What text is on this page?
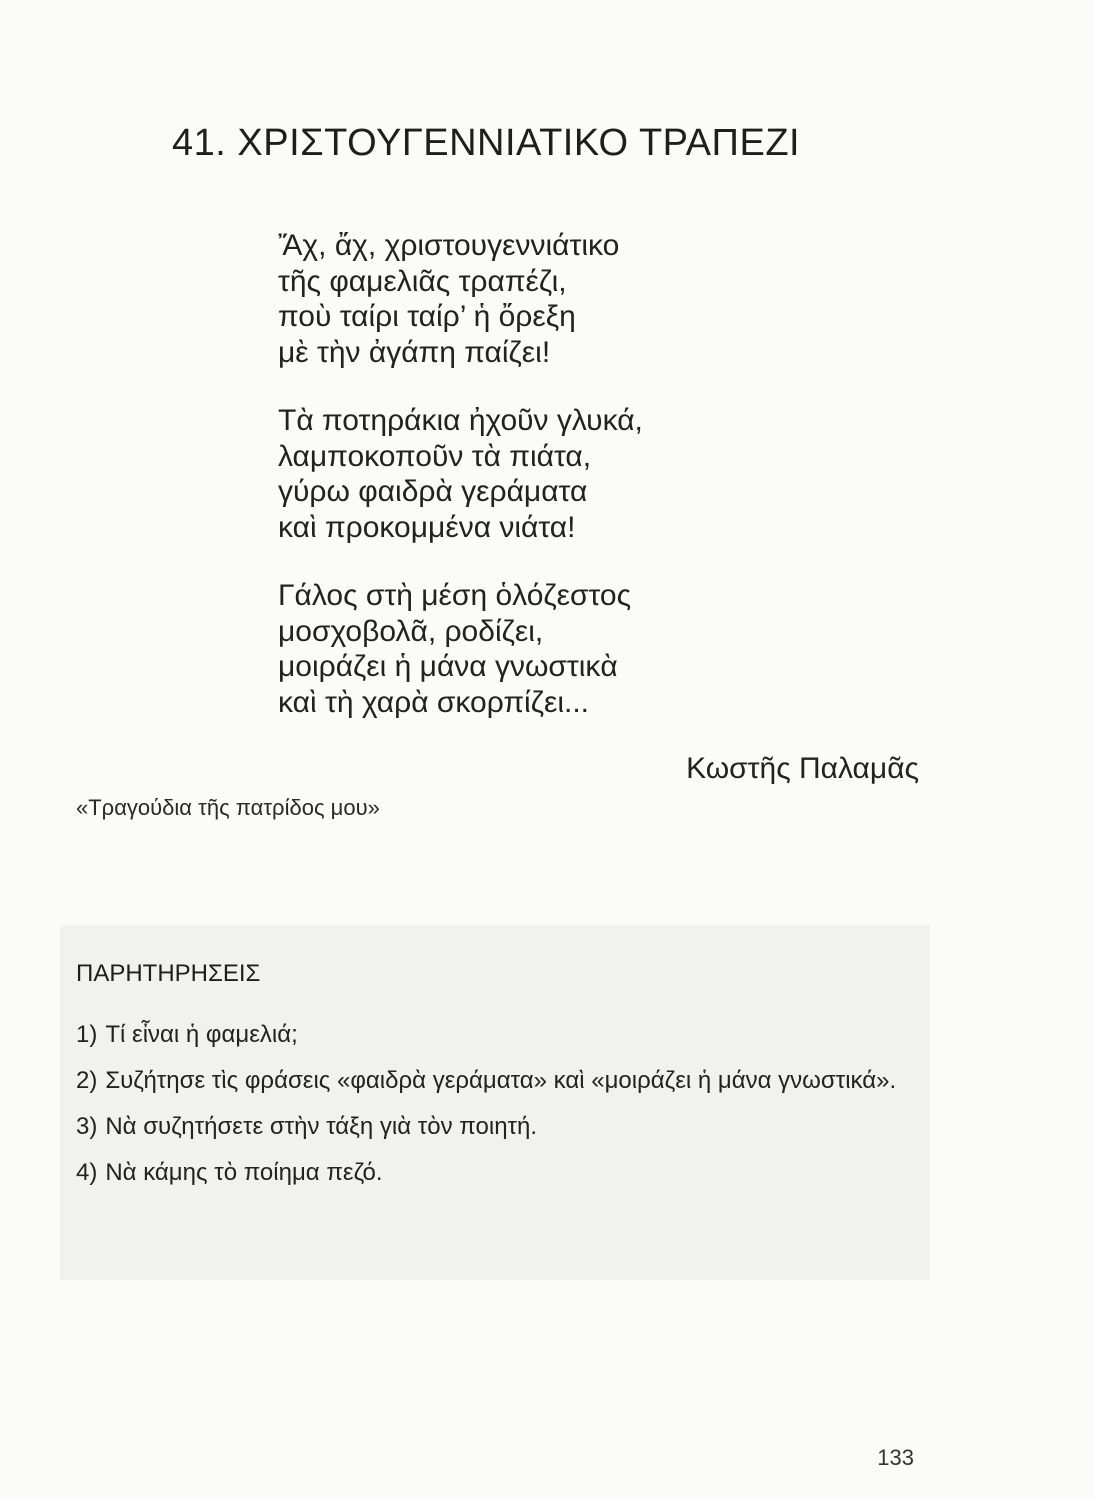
41. ΧΡΙΣΤΟΥΓΕΝΝΙΑΤΙΚΟ ΤΡΑΠΕΖΙ
Ἄχ, ἄχ, χριστουγεννιάτικο
τῆς φαμελιᾶς τραπέζι,
ποὺ ταίρι ταίρ’ ἡ ὄρεξη
μὲ τὴν ἀγάπη παίζει!
Τὰ ποτηράκια ἠχοῦν γλυκά,
λαμποκοποῦν τὰ πιάτα,
γύρω φαιδρὰ γεράματα
καὶ προκομμένα νιάτα!
Γάλος στὴ μέση ὁλόζεστος
μοσχοβολᾶ, ροδίζει,
μοιράζει ἡ μάνα γνωστικὰ
καὶ τὴ χαρὰ σκορπίζει...
Κωστῆς Παλαμᾶς
«Τραγούδια τῆς πατρίδος μου»
ΠΑΡΗΤΗΡΗΣΕΙΣ
1) Τί εἶναι ἡ φαμελιά;
2) Συζήτησε τὶς φράσεις «φαιδρὰ γεράματα» καὶ «μοιράζει ἡ μάνα γνωστικά».
3) Νὰ συζητήσετε στὴν τάξη γιὰ τὸν ποιητή.
4) Νὰ κάμης τὸ ποίημα πεζό.
133
